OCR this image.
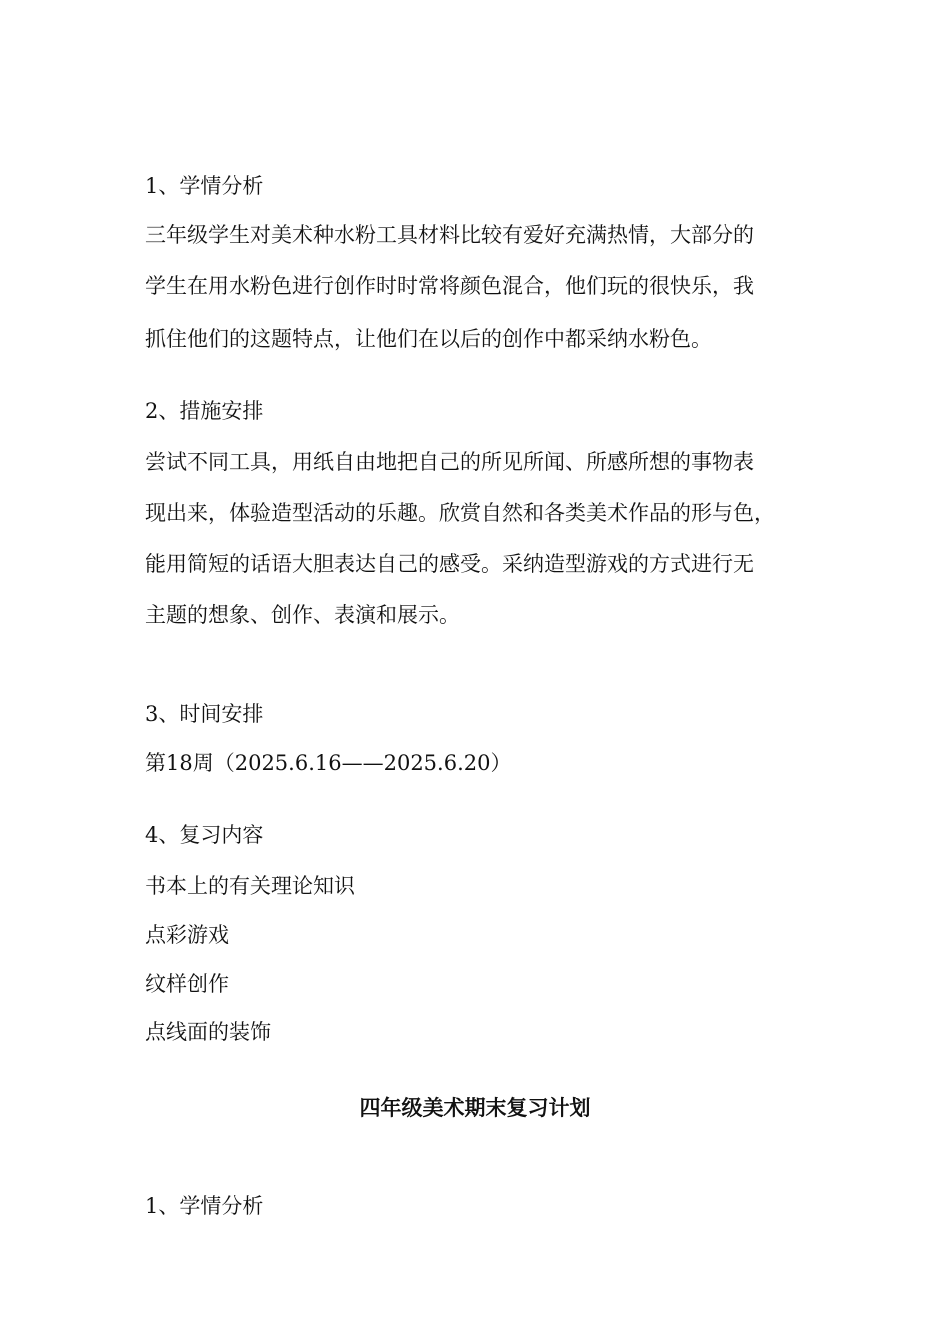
1、学情分析
三年级学生对美术种水粉工具材料比较有爱好充满热情，大部分的
学生在用水粉色进行创作时时常将颜色混合，他们玩的很快乐，我
抓住他们的这题特点，让他们在以后的创作中都采纳水粉色。
2、措施安排
尝试不同工具，用纸自由地把自己的所见所闻、所感所想的事物表
现出来，体验造型活动的乐趣。欣赏自然和各类美术作品的形与色，
能用简短的话语大胆表达自己的感受。采纳造型游戏的方式进行无
主题的想象、创作、表演和展示。
3、时间安排
第18周（2025.6.16——2025.6.20）
4、复习内容
书本上的有关理论知识
点彩游戏
纹样创作
点线面的装饰
四年级美术期末复习计划
1、学情分析
